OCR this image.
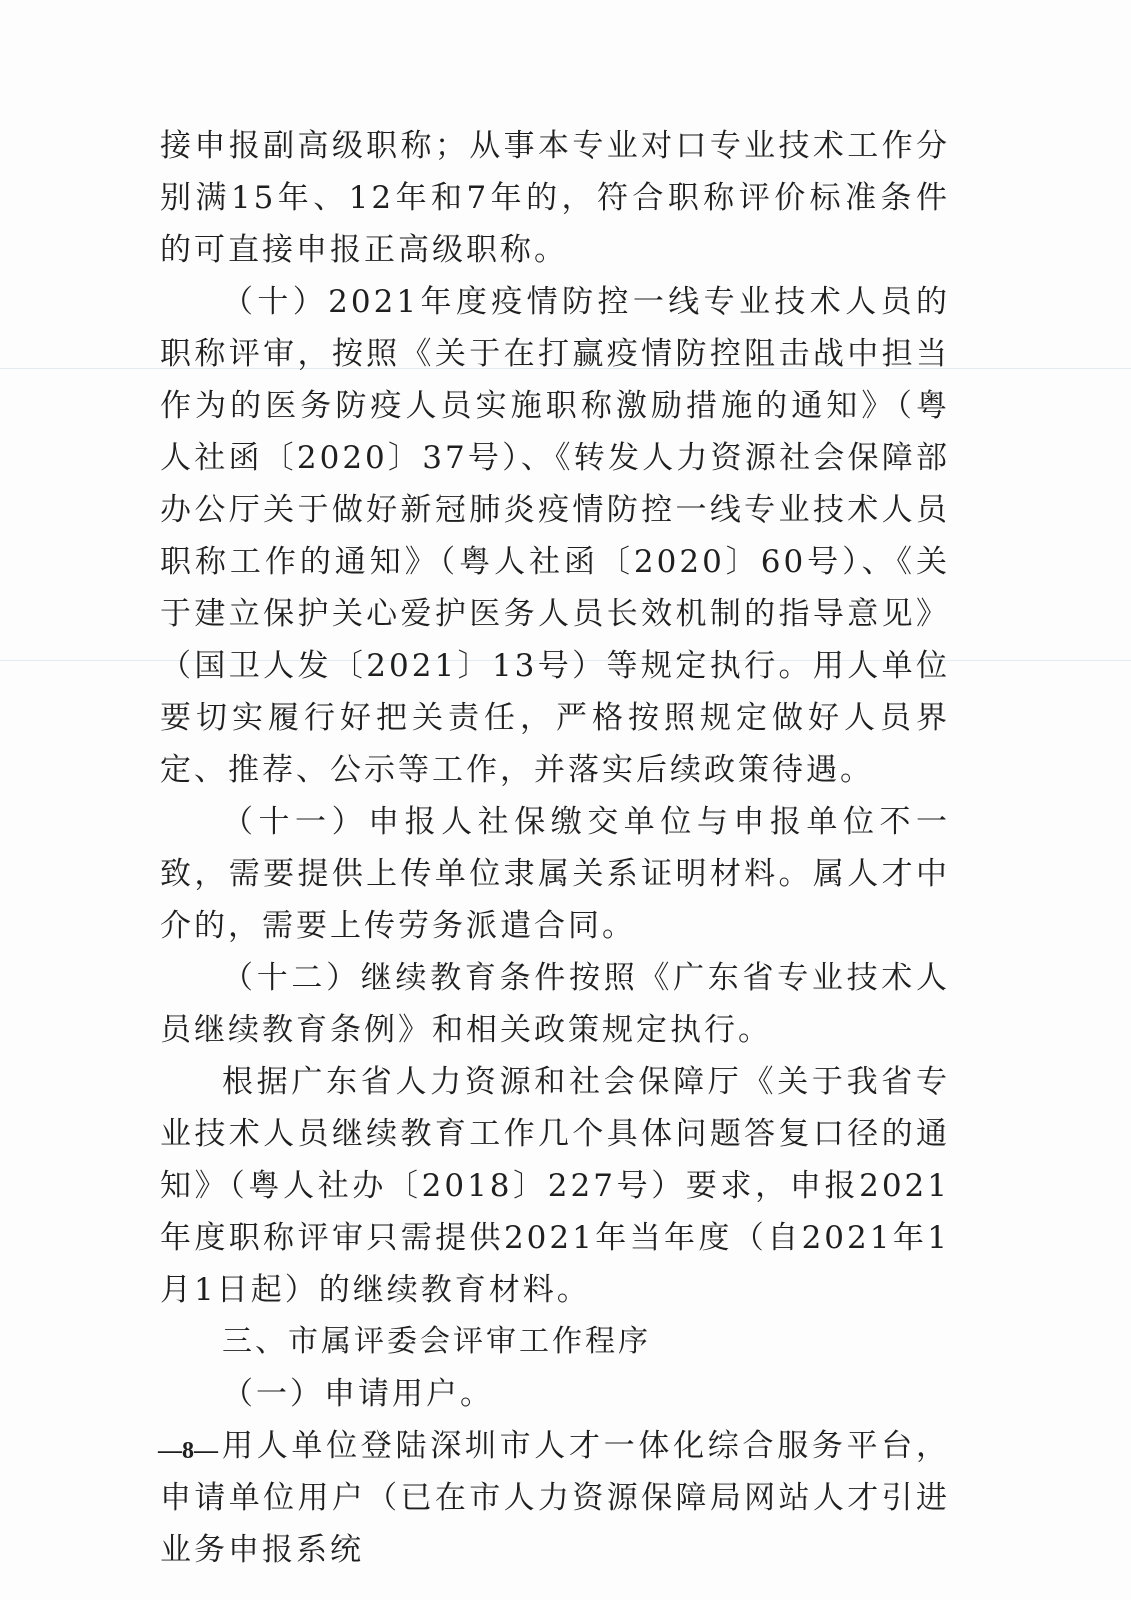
接申报副高级职称；从事本专业对口专业技术工作分别满15年、12年和7年的，符合职称评价标准条件的可直接申报正高级职称。

（十）2021年度疫情防控一线专业技术人员的职称评审，按照《关于在打赢疫情防控阻击战中担当作为的医务防疫人员实施职称激励措施的通知》（粤人社函〔2020〕37号）、《转发人力资源社会保障部办公厅关于做好新冠肺炎疫情防控一线专业技术人员职称工作的通知》（粤人社函〔2020〕60号）、《关于建立保护关心爱护医务人员长效机制的指导意见》（国卫人发〔2021〕13号）等规定执行。用人单位要切实履行好把关责任，严格按照规定做好人员界定、推荐、公示等工作，并落实后续政策待遇。

（十一）申报人社保缴交单位与申报单位不一致，需要提供上传单位隶属关系证明材料。属人才中介的，需要上传劳务派遣合同。

（十二）继续教育条件按照《广东省专业技术人员继续教育条例》和相关政策规定执行。

根据广东省人力资源和社会保障厅《关于我省专业技术人员继续教育工作几个具体问题答复口径的通知》（粤人社办〔2018〕227号）要求，申报2021年度职称评审只需提供2021年当年度（自2021年1月1日起）的继续教育材料。

三、市属评委会评审工作程序

（一）申请用户。

用人单位登陆深圳市人才一体化综合服务平台，申请单位用户（已在市人力资源保障局网站人才引进业务申报系统

—8—
